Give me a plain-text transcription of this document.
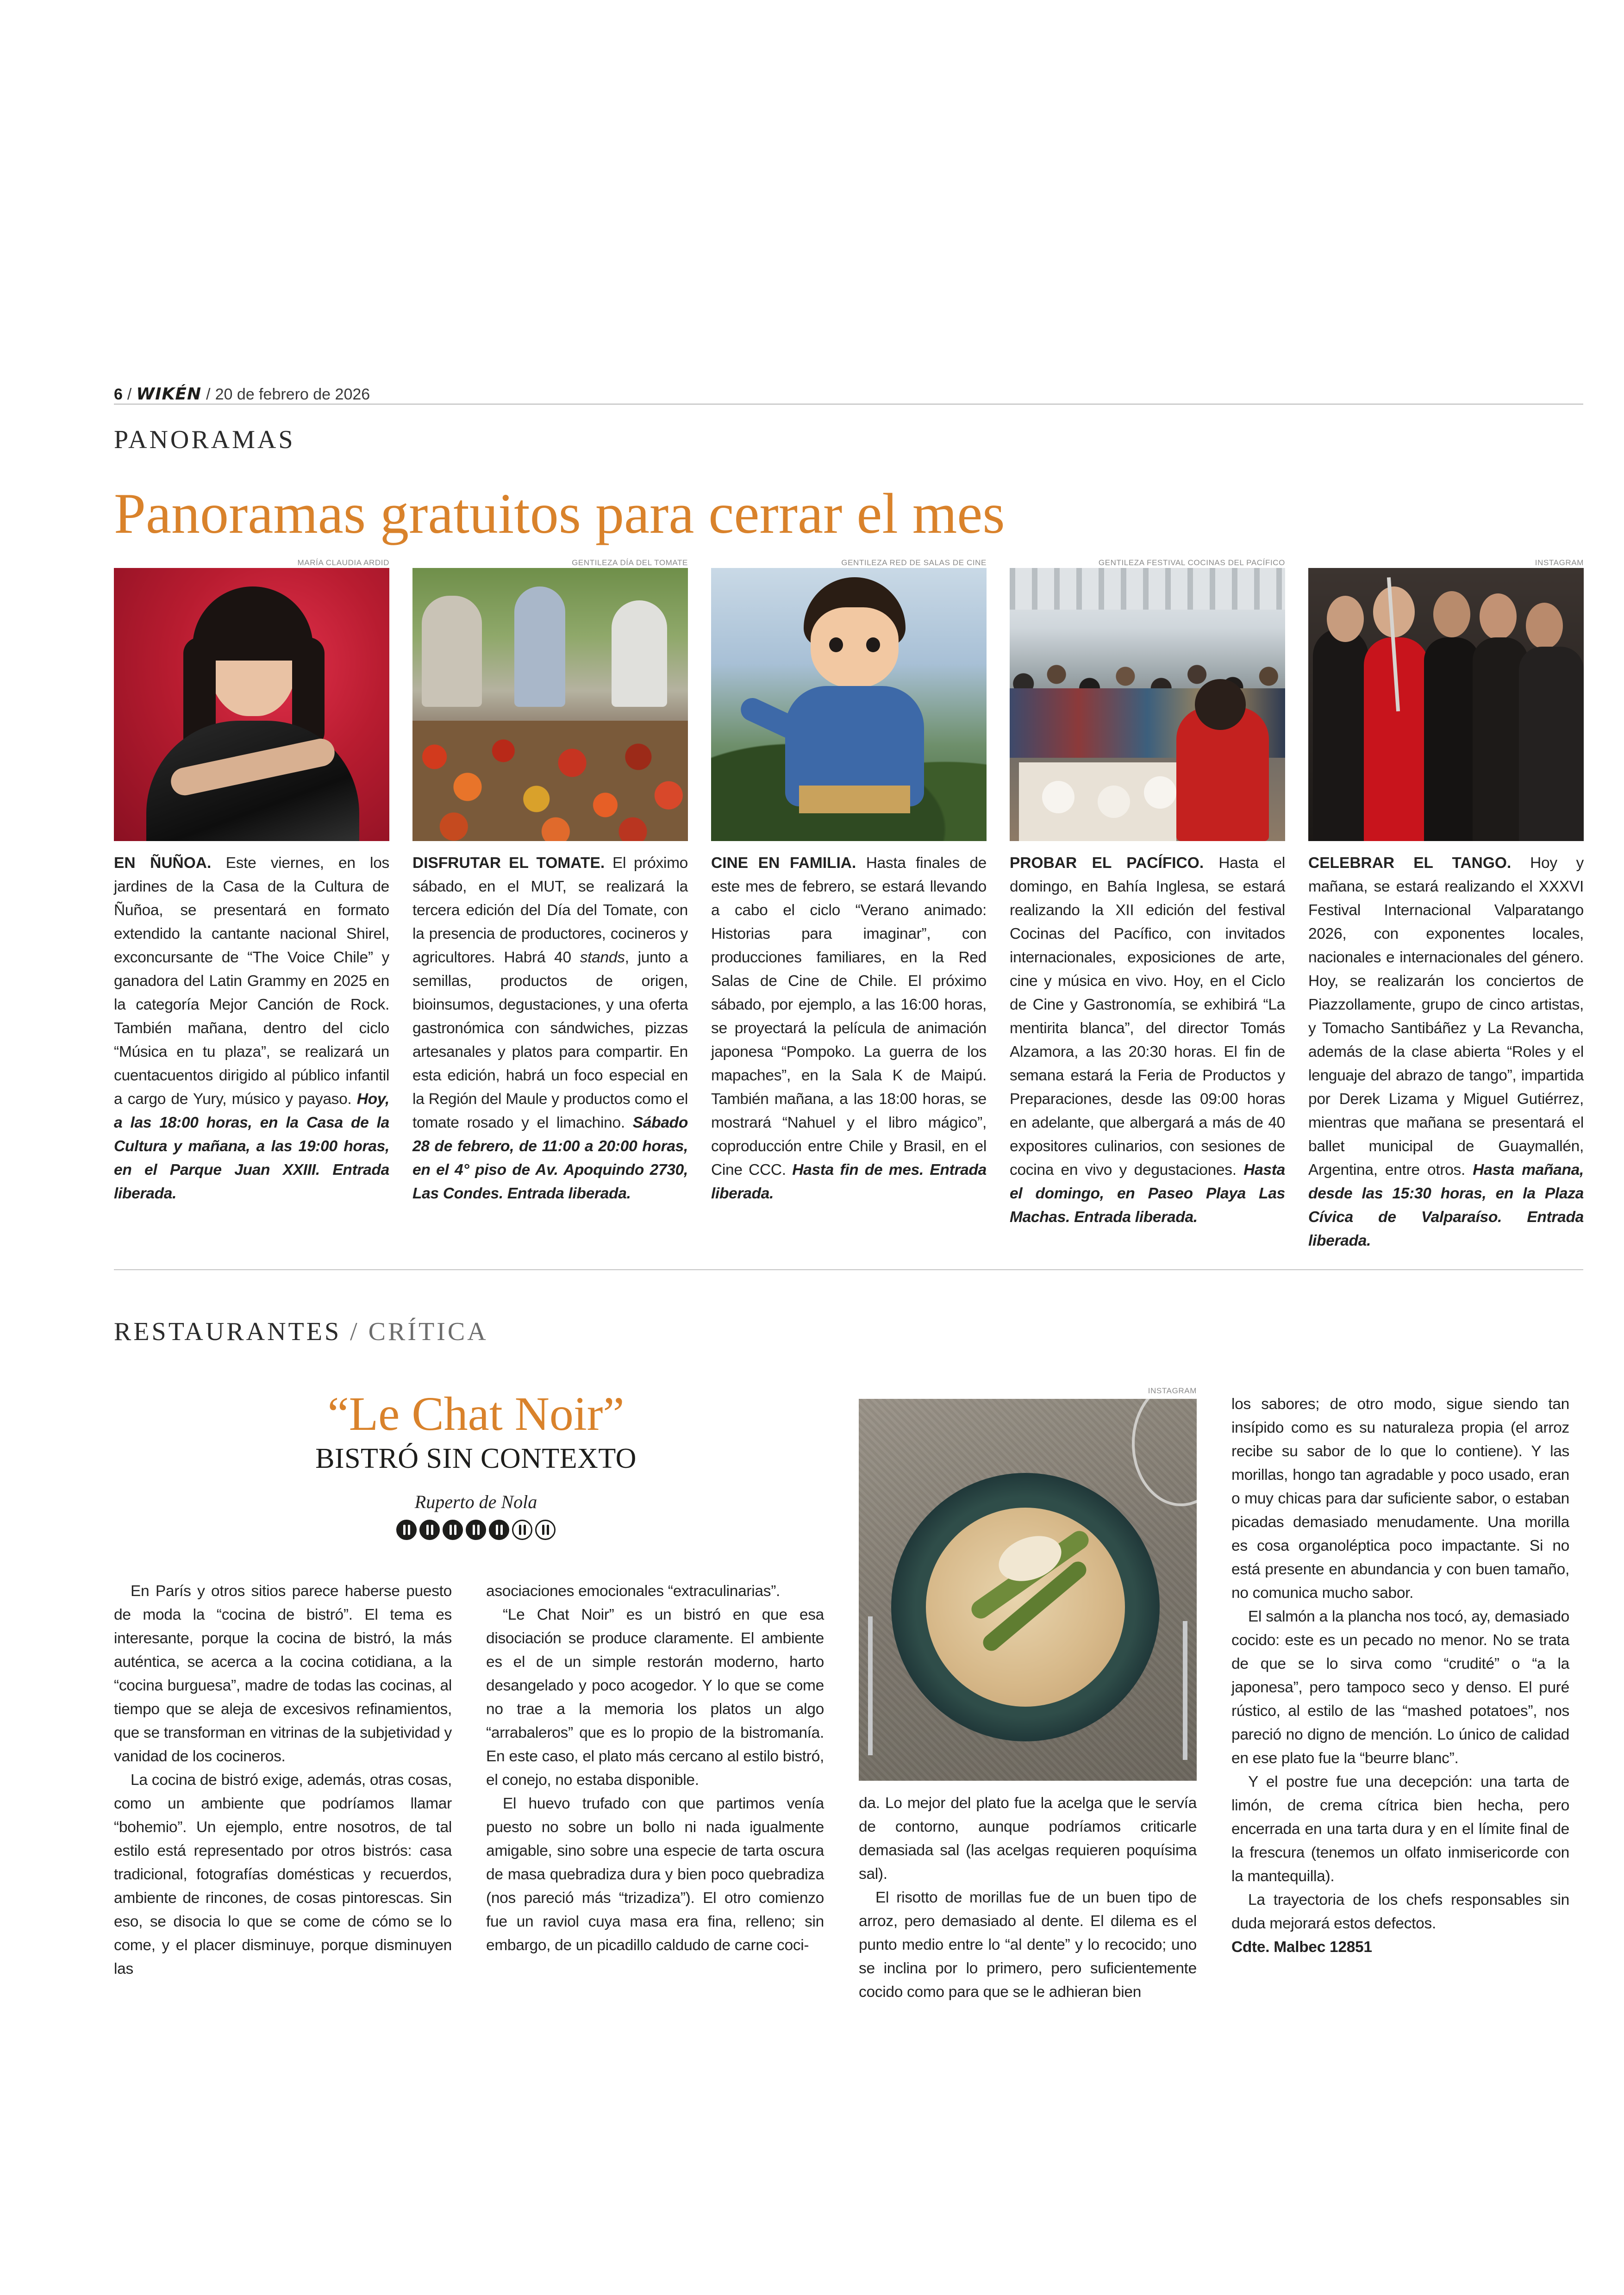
6 / WIKÉN / 20 de febrero de 2026
PANORAMAS
Panoramas gratuitos para cerrar el mes
MARÍA CLAUDIA ARDID
EN ÑUÑOA. Este viernes, en los jardines de la Casa de la Cultura de Ñuñoa, se presentará en formato extendido la cantante nacional Shirel, exconcursante de “The Voice Chile” y ganadora del Latin Grammy en 2025 en la categoría Mejor Canción de Rock. También mañana, dentro del ciclo “Música en tu plaza”, se realizará un cuentacuentos dirigido al público infantil a cargo de Yury, músico y payaso. Hoy, a las 18:00 horas, en la Casa de la Cultura y mañana, a las 19:00 horas, en el Parque Juan XXIII. Entrada liberada.
GENTILEZA DÍA DEL TOMATE
DISFRUTAR EL TOMATE. El próximo sábado, en el MUT, se realizará la tercera edición del Día del Tomate, con la presencia de productores, cocineros y agricultores. Habrá 40 stands, junto a semillas, productos de origen, bioinsumos, degustaciones, y una oferta gastronómica con sándwiches, pizzas artesanales y platos para compartir. En esta edición, habrá un foco especial en la Región del Maule y productos como el tomate rosado y el limachino. Sábado 28 de febrero, de 11:00 a 20:00 horas, en el 4° piso de Av. Apoquindo 2730, Las Condes. Entrada liberada.
GENTILEZA RED DE SALAS DE CINE
CINE EN FAMILIA. Hasta finales de este mes de febrero, se estará llevando a cabo el ciclo “Verano animado: Historias para imaginar”, con producciones familiares, en la Red Salas de Cine de Chile. El próximo sábado, por ejemplo, a las 16:00 horas, se proyectará la película de animación japonesa “Pompoko. La guerra de los mapaches”, en la Sala K de Maipú. También mañana, a las 18:00 horas, se mostrará “Nahuel y el libro mágico”, coproducción entre Chile y Brasil, en el Cine CCC. Hasta fin de mes. Entrada liberada.
GENTILEZA FESTIVAL COCINAS DEL PACÍFICO
PROBAR EL PACÍFICO. Hasta el domingo, en Bahía Inglesa, se estará realizando la XII edición del festival Cocinas del Pacífico, con invitados internacionales, exposiciones de arte, cine y música en vivo. Hoy, en el Ciclo de Cine y Gastronomía, se exhibirá “La mentirita blanca”, del director Tomás Alzamora, a las 20:30 horas. El fin de semana estará la Feria de Productos y Preparaciones, desde las 09:00 horas en adelante, que albergará a más de 40 expositores culinarios, con sesiones de cocina en vivo y degustaciones. Hasta el domingo, en Paseo Playa Las Machas. Entrada liberada.
INSTAGRAM
CELEBRAR EL TANGO. Hoy y mañana, se estará realizando el XXXVI Festival Internacional Valparatango 2026, con exponentes locales, nacionales e internacionales del género. Hoy, se realizarán los conciertos de Piazzollamente, grupo de cinco artistas, y Tomacho Santibáñez y La Revancha, además de la clase abierta “Roles y el lenguaje del abrazo de tango”, impartida por Derek Lizama y Miguel Gutiérrez, mientras que mañana se presentará el ballet municipal de Guaymallén, Argentina, entre otros. Hasta mañana, desde las 15:30 horas, en la Plaza Cívica de Valparaíso. Entrada liberada.
RESTAURANTES / CRÍTICA
“Le Chat Noir”
BISTRÓ SIN CONTEXTO
Ruperto de Nola

En París y otros sitios parece haberse puesto de moda la “cocina de bistró”. El tema es interesante, porque la cocina de bistró, la más auténtica, se acerca a la cocina cotidiana, a la “cocina burguesa”, madre de todas las cocinas, al tiempo que se aleja de excesivos refinamientos, que se transforman en vitrinas de la subjetividad y vanidad de los cocineros.

La cocina de bistró exige, además, otras cosas, como un ambiente que podríamos llamar “bohemio”. Un ejemplo, entre nosotros, de tal estilo está representado por otros bistrós: casa tradicional, fotografías domésticas y recuerdos, ambiente de rincones, de cosas pintorescas. Sin eso, se disocia lo que se come de cómo se lo come, y el placer disminuye, porque disminuyen las

asociaciones emocionales “extraculinarias”.

“Le Chat Noir” es un bistró en que esa disociación se produce claramente. El ambiente es el de un simple restorán moderno, harto desangelado y poco acogedor. Y lo que se come no trae a la memoria los platos un algo “arrabaleros” que es lo propio de la bistromanía. En este caso, el plato más cercano al estilo bistró, el conejo, no estaba disponible.

El huevo trufado con que partimos venía puesto no sobre un bollo ni nada igualmente amigable, sino sobre una especie de tarta oscura de masa quebradiza dura y bien poco quebradiza (nos pareció más “trizadiza”). El otro comienzo fue un raviol cuya masa era fina, relleno; sin embargo, de un picadillo caldudo de carne coci-

INSTAGRAM

da. Lo mejor del plato fue la acelga que le servía de contorno, aunque podríamos criticarle demasiada sal (las acelgas requieren poquísima sal).

El risotto de morillas fue de un buen tipo de arroz, pero demasiado al dente. El dilema es el punto medio entre lo “al dente” y lo recocido; uno se inclina por lo primero, pero suficientemente cocido como para que se le adhieran bien

los sabores; de otro modo, sigue siendo tan insípido como es su naturaleza propia (el arroz recibe su sabor de lo que lo contiene). Y las morillas, hongo tan agradable y poco usado, eran o muy chicas para dar suficiente sabor, o estaban picadas demasiado menudamente. Una morilla es cosa organoléptica poco impactante. Si no está presente en abundancia y con buen tamaño, no comunica mucho sabor.

El salmón a la plancha nos tocó, ay, demasiado cocido: este es un pecado no menor. No se trata de que se lo sirva como “crudité” o “a la japonesa”, pero tampoco seco y denso. El puré rústico, al estilo de las “mashed potatoes”, nos pareció no digno de mención. Lo único de calidad en ese plato fue la “beurre blanc”.

Y el postre fue una decepción: una tarta de limón, de crema cítrica bien hecha, pero encerrada en una tarta dura y en el límite final de la frescura (tenemos un olfato inmisericorde con la mantequilla).

La trayectoria de los chefs responsables sin duda mejorará estos defectos.

Cdte. Malbec 12851
